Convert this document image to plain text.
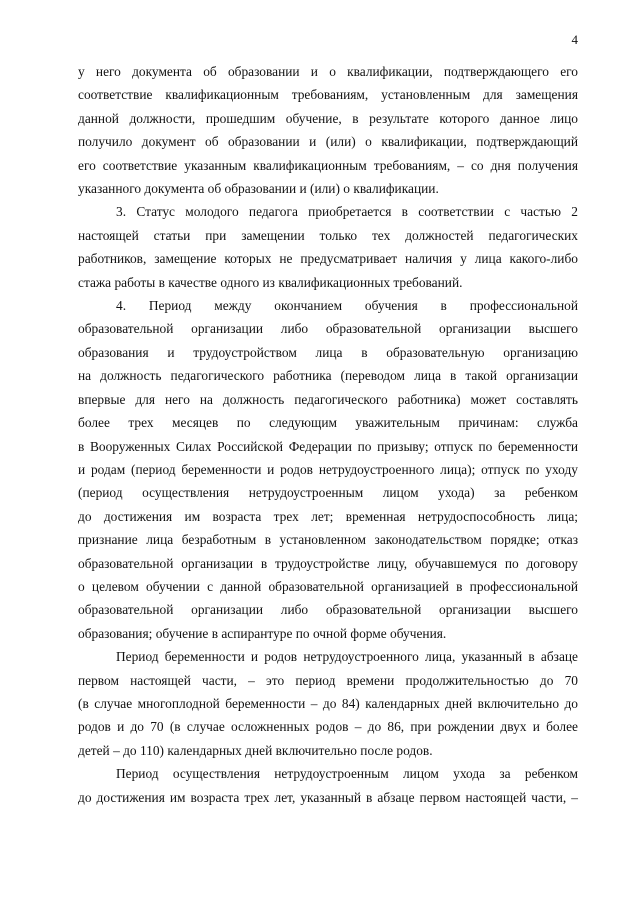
4

у него документа об образовании и о квалификации, подтверждающего его

соответствие квалификационным требованиям, установленным для замещения

данной должности, прошедшим обучение, в результате которого данное лицо

получило документ об образовании и (или) о квалификации, подтверждающий

его соответствие указанным квалификационным требованиям, – со дня получения

указанного документа об образовании и (или) о квалификации.

3. Статус молодого педагога приобретается в соответствии с частью 2

настоящей статьи при замещении только тех должностей педагогических

работников, замещение которых не предусматривает наличия у лица какого-либо

стажа работы в качестве одного из квалификационных требований.

4. Период между окончанием обучения в профессиональной

образовательной организации либо образовательной организации высшего

образования и трудоустройством лица в образовательную организацию

на должность педагогического работника (переводом лица в такой организации

впервые для него на должность педагогического работника) может составлять

более трех месяцев по следующим уважительным причинам: служба

в Вооруженных Силах Российской Федерации по призыву; отпуск по беременности

и родам (период беременности и родов нетрудоустроенного лица); отпуск по уходу

(период осуществления нетрудоустроенным лицом ухода) за ребенком

до достижения им возраста трех лет; временная нетрудоспособность лица;

признание лица безработным в установленном законодательством порядке; отказ

образовательной организации в трудоустройстве лицу, обучавшемуся по договору

о целевом обучении с данной образовательной организацией в профессиональной

образовательной организации либо образовательной организации высшего

образования; обучение в аспирантуре по очной форме обучения.

Период беременности и родов нетрудоустроенного лица, указанный в абзаце

первом настоящей части, – это период времени продолжительностью до 70

(в случае многоплодной беременности – до 84) календарных дней включительно до

родов и до 70 (в случае осложненных родов – до 86, при рождении двух и более

детей – до 110) календарных дней включительно после родов.

Период осуществления нетрудоустроенным лицом ухода за ребенком

до достижения им возраста трех лет, указанный в абзаце первом настоящей части, –
